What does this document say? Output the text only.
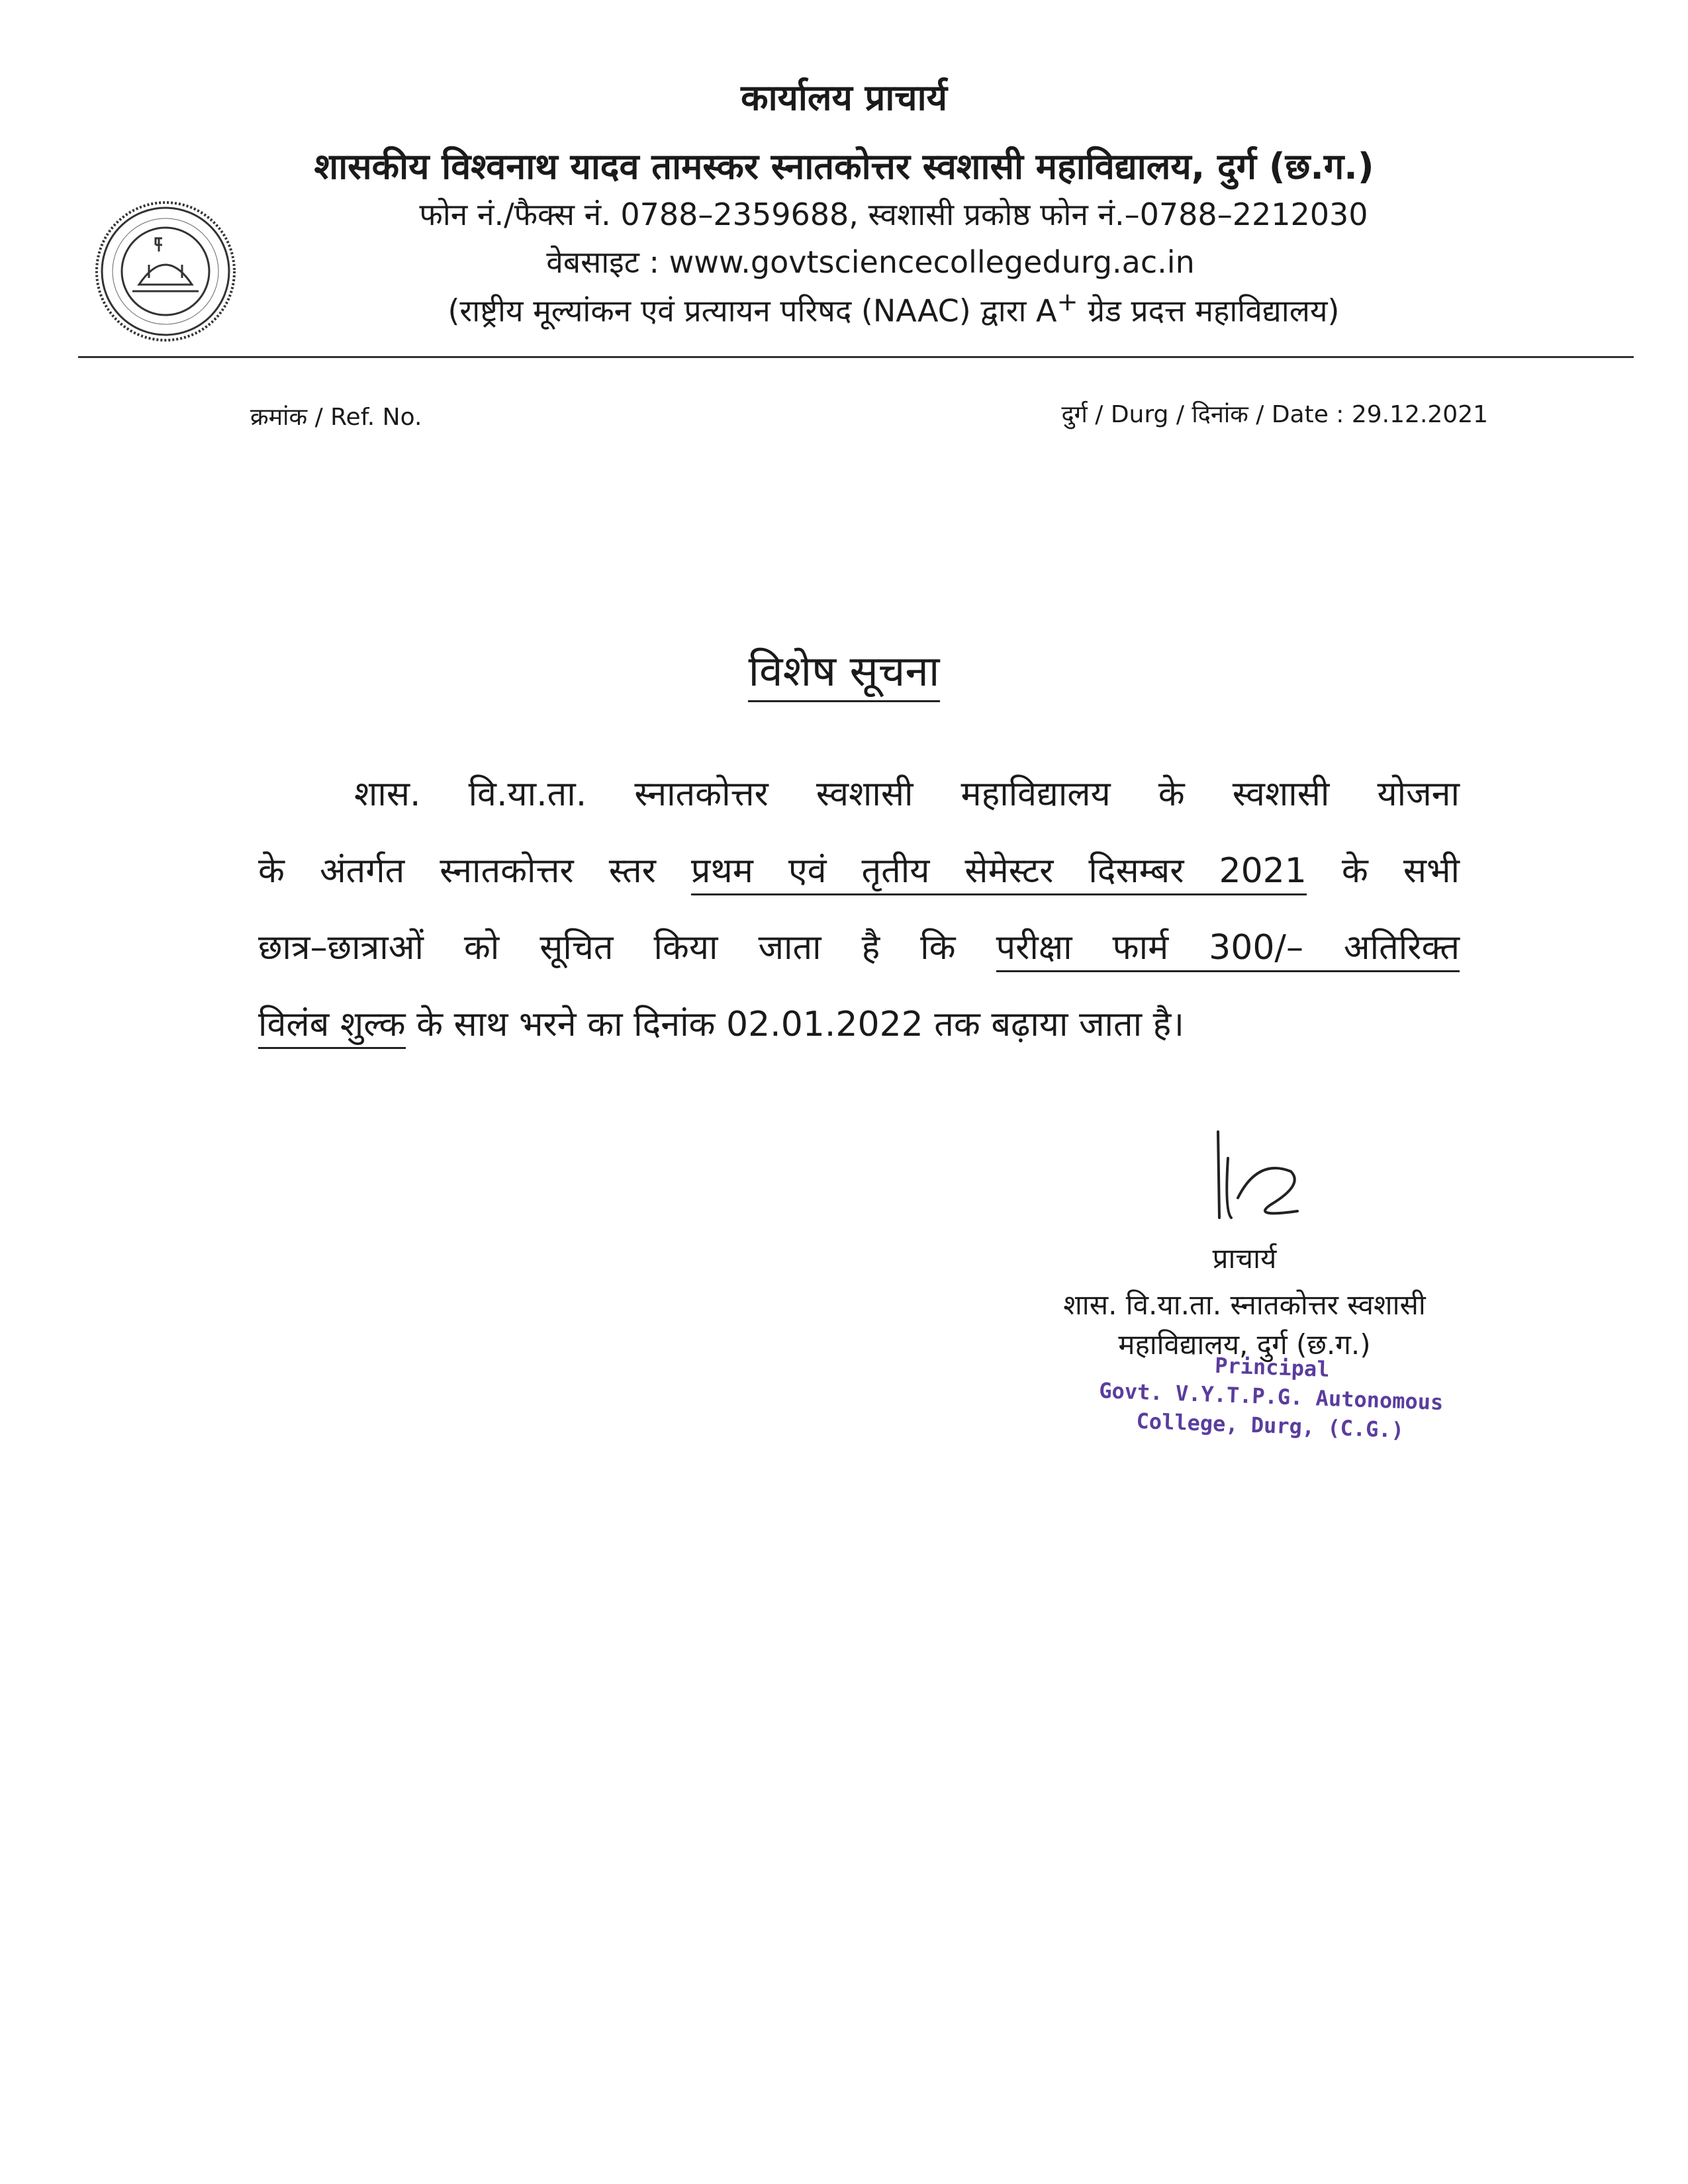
कार्यालय प्राचार्य
शासकीय विश्वनाथ यादव तामस्कर स्नातकोत्तर स्वशासी महाविद्यालय, दुर्ग (छ.ग.)
फोन नं./फैक्स नं. 0788–2359688, स्वशासी प्रकोष्ठ फोन नं.–0788–2212030
वेबसाइट : www.govtsciencecollegedurg.ac.in
(राष्ट्रीय मूल्यांकन एवं प्रत्यायन परिषद (NAAC) द्वारा A+ ग्रेड प्रदत्त महाविद्यालय)
क्रमांक / Ref. No.	दुर्ग / Durg / दिनांक / Date : 29.12.2021
विशेष सूचना
शास. वि.या.ता. स्नातकोत्तर स्वशासी महाविद्यालय के स्वशासी योजना
के अंतर्गत स्नातकोत्तर स्तर प्रथम एवं तृतीय सेमेस्टर दिसम्बर 2021 के सभी
छात्र–छात्राओं को सूचित किया जाता है कि परीक्षा फार्म 300/– अतिरिक्त
विलंब शुल्क के साथ भरने का दिनांक 02.01.2022 तक बढ़ाया जाता है।
प्राचार्य
शास. वि.या.ता. स्नातकोत्तर स्वशासी
महाविद्यालय, दुर्ग (छ.ग.)
Principal
Govt. V.Y.T.P.G. Autonomous
College, Durg, (C.G.)
